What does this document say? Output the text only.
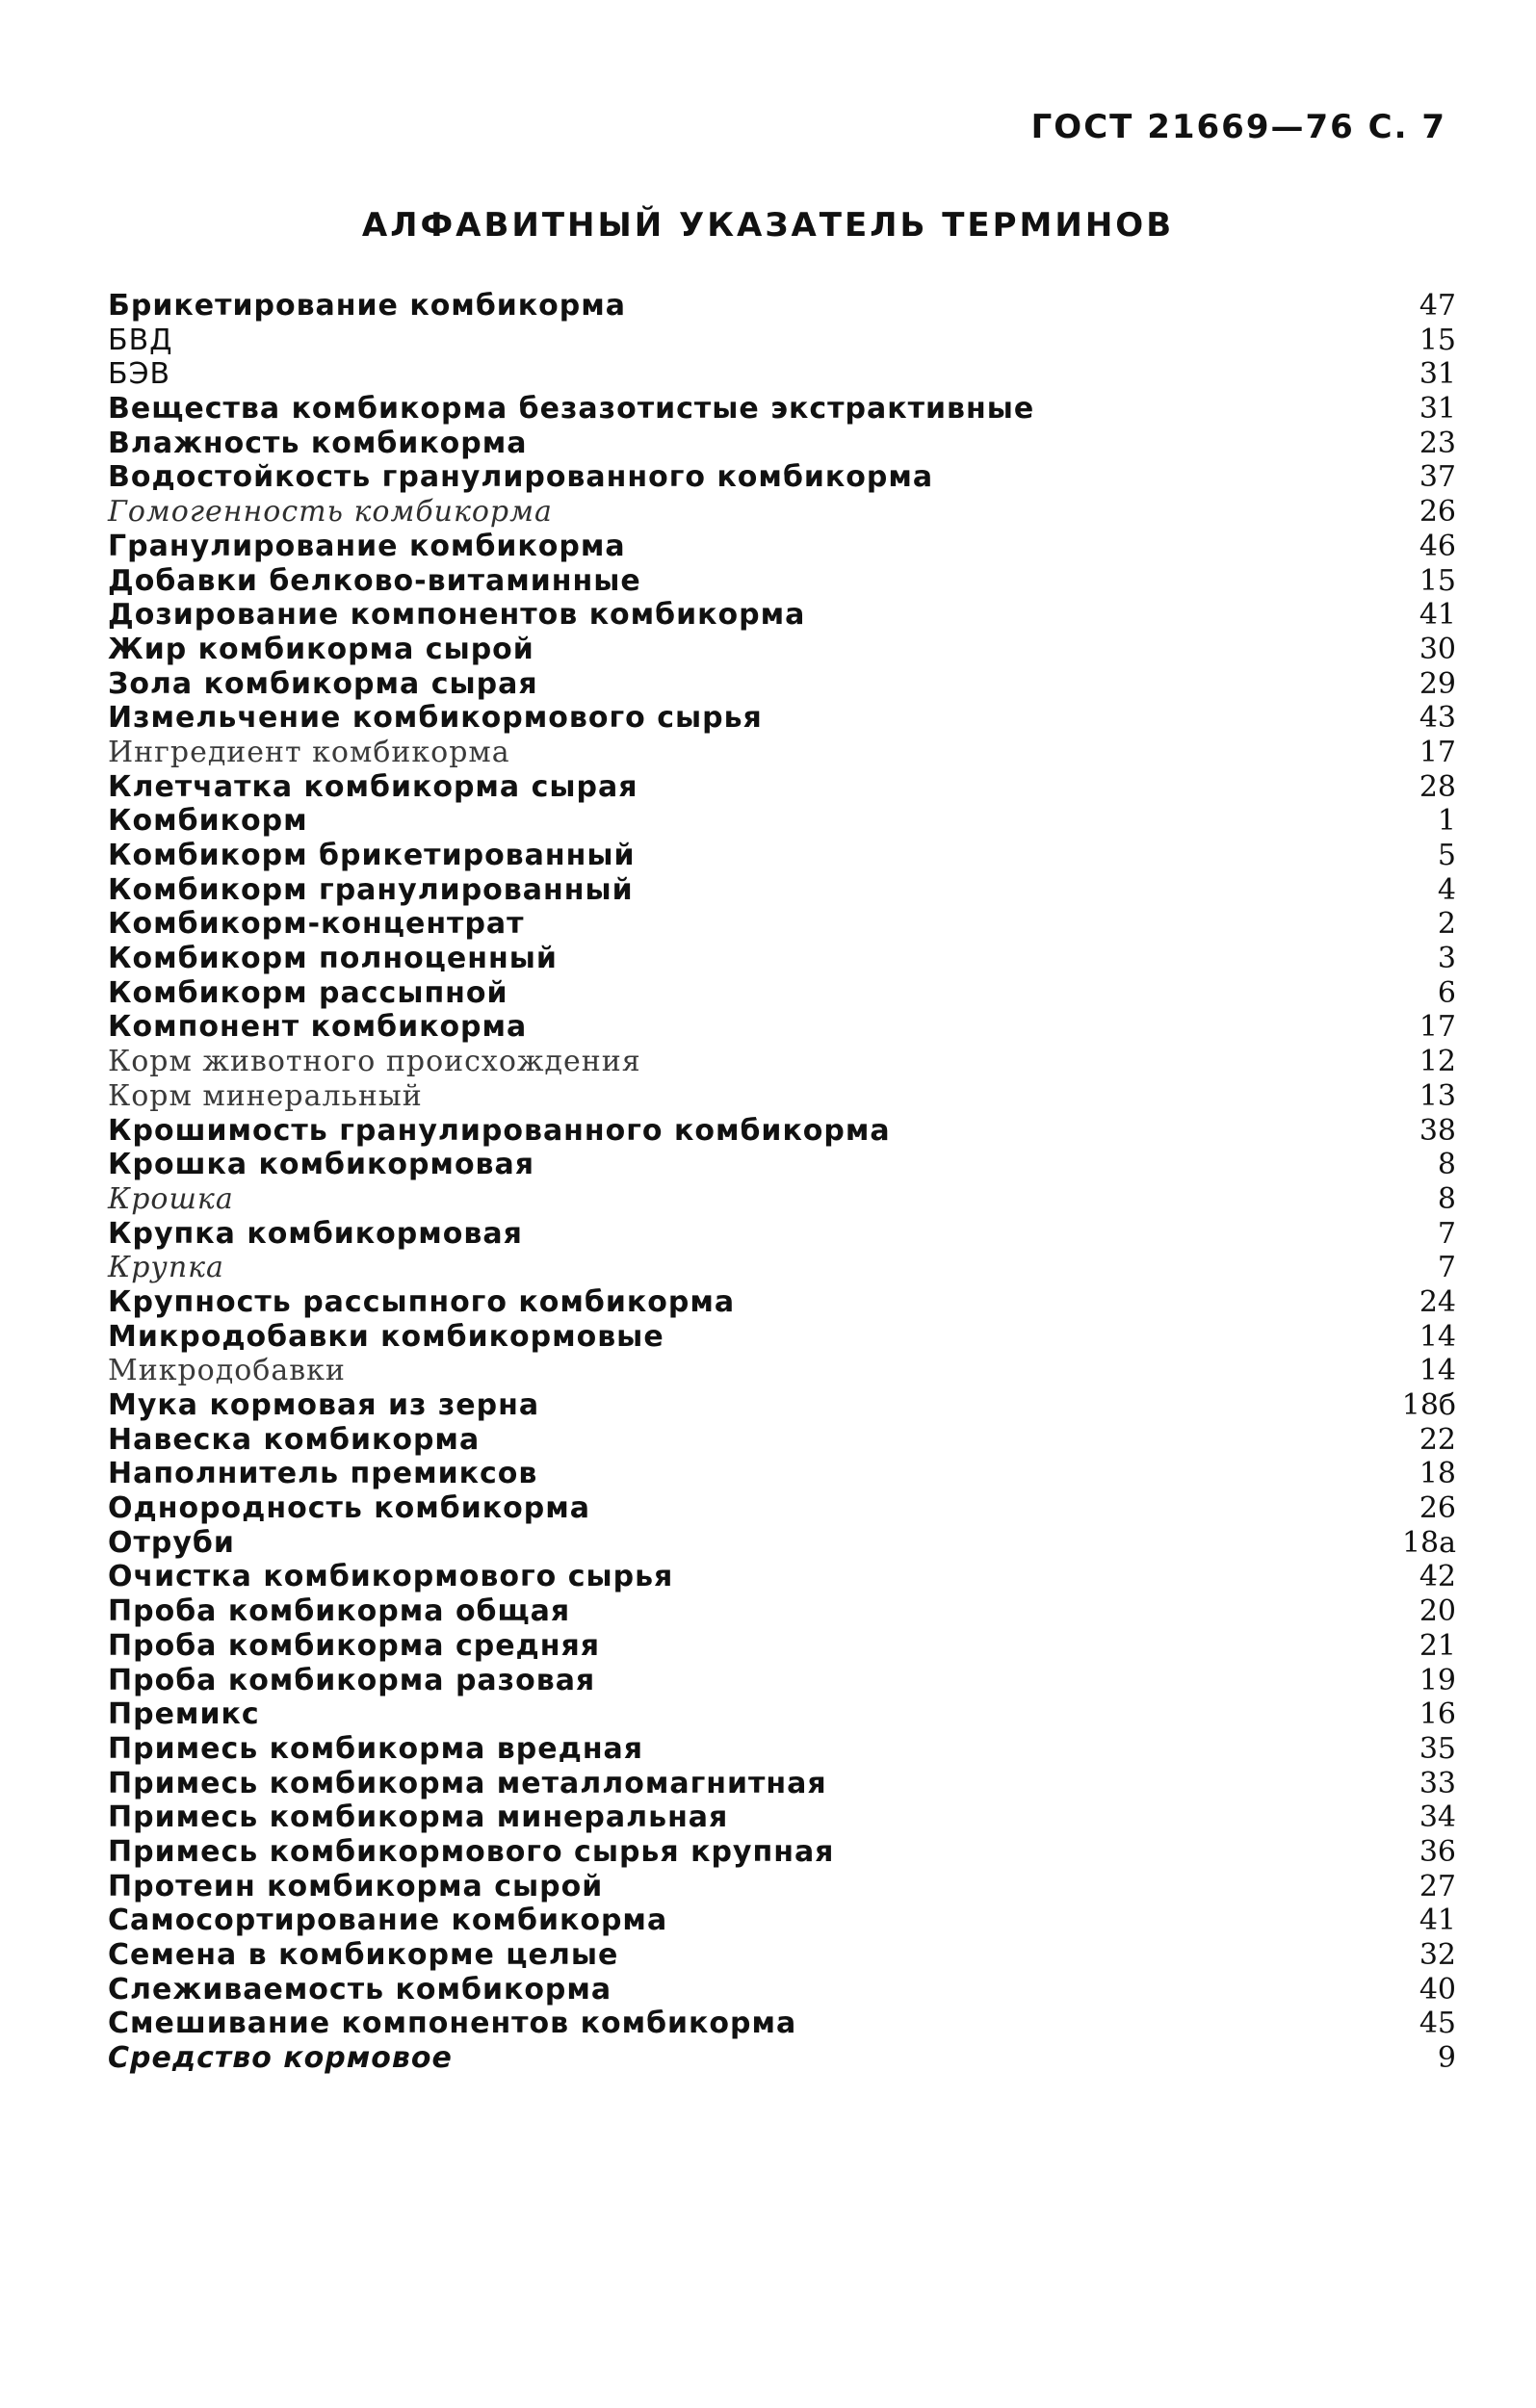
ГОСТ 21669—76 С. 7
АЛФАВИТНЫЙ УКАЗАТЕЛЬ ТЕРМИНОВ
Брикетирование комбикорма	47
БВД	15
БЭВ	31
Вещества комбикорма безазотистые экстрактивные	31
Влажность комбикорма	23
Водостойкость гранулированного комбикорма	37
Гомогенность комбикорма	26
Гранулирование комбикорма	46
Добавки белково-витаминные	15
Дозирование компонентов комбикорма	41
Жир комбикорма сырой	30
Зола комбикорма сырая	29
Измельчение комбикормового сырья	43
Ингредиент комбикорма	17
Клетчатка комбикорма сырая	28
Комбикорм	1
Комбикорм брикетированный	5
Комбикорм гранулированный	4
Комбикорм-концентрат	2
Комбикорм полноценный	3
Комбикорм рассыпной	6
Компонент комбикорма	17
Корм животного происхождения	12
Корм минеральный	13
Крошимость гранулированного комбикорма	38
Крошка комбикормовая	8
Крошка	8
Крупка комбикормовая	7
Крупка	7
Крупность рассыпного комбикорма	24
Микродобавки комбикормовые	14
Микродобавки	14
Мука кормовая из зерна	18б
Навеска комбикорма	22
Наполнитель премиксов	18
Однородность комбикорма	26
Отруби	18а
Очистка комбикормового сырья	42
Проба комбикорма общая	20
Проба комбикорма средняя	21
Проба комбикорма разовая	19
Премикс	16
Примесь комбикорма вредная	35
Примесь комбикорма металломагнитная	33
Примесь комбикорма минеральная	34
Примесь комбикормового сырья крупная	36
Протеин комбикорма сырой	27
Самосортирование комбикорма	41
Семена в комбикорме целые	32
Слеживаемость комбикорма	40
Смешивание компонентов комбикорма	45
Средство кормовое	9
